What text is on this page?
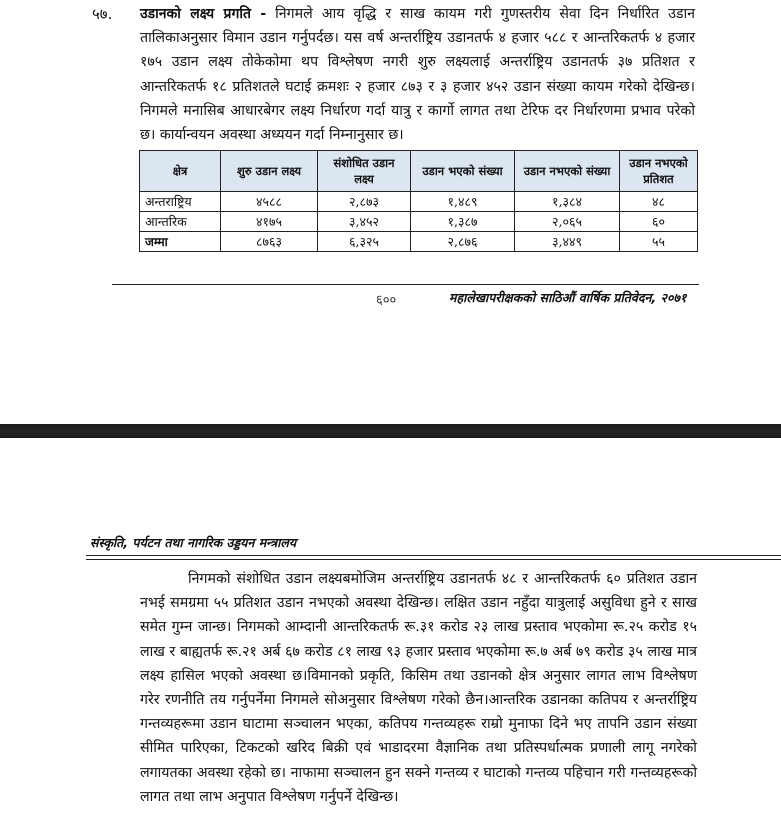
५७. उडानको लक्ष्य प्रगति - निगमले आय वृद्धि र साख कायम गरी गुणस्तरीय सेवा दिन निर्धारित उडान तालिकाअनुसार विमान उडान गर्नुपर्दछ। यस वर्ष अन्तर्राष्ट्रिय उडानतर्फ ४ हजार ५८८ र आन्तरिकतर्फ ४ हजार १७५ उडान लक्ष्य तोकेकोमा थप विश्लेषण नगरी शुरु लक्ष्यलाई अन्तर्राष्ट्रिय उडानतर्फ ३७ प्रतिशत र आन्तरिकतर्फ १८ प्रतिशतले घटाई क्रमशः २ हजार ८७३ र ३ हजार ४५२ उडान संख्या कायम गरेको देखिन्छ। निगमले मनासिब आधारबेगर लक्ष्य निर्धारण गर्दा यात्रु र कार्गो लागत तथा टेरिफ दर निर्धारणमा प्रभाव परेको छ। कार्यान्वयन अवस्था अध्ययन गर्दा निम्नानुसार छ।

क्षेत्र	शुरु उडान लक्ष्य	संशोधित उडान लक्ष्य	उडान भएको संख्या	उडान नभएको संख्या	उडान नभएको प्रतिशत
अन्तराष्ट्रिय	४५८८	२,८७३	१,४८९	१,३८४	४८
आन्तरिक	४१७५	३,४५२	१,३८७	२,०६५	६०
जम्मा	८७६३	६,३२५	२,८७६	३,४४९	५५
६००	महालेखापरीक्षकको साठिऔं वार्षिक प्रतिवेदन, २०७१
संस्कृति, पर्यटन तथा नागरिक उड्डयन मन्त्रालय

निगमको संशोधित उडान लक्ष्यबमोजिम अन्तर्राष्ट्रिय उडानतर्फ ४८ र आन्तरिकतर्फ ६० प्रतिशत उडान नभई समग्रमा ५५ प्रतिशत उडान नभएको अवस्था देखिन्छ। लक्षित उडान नहुँदा यात्रुलाई असुविधा हुने र साख समेत गुम्न जान्छ। निगमको आम्दानी आन्तरिकतर्फ रू.३१ करोड २३ लाख प्रस्ताव भएकोमा रू.२५ करोड १५ लाख र बाह्यतर्फ रू.२१ अर्ब ६७ करोड ८१ लाख ९३ हजार प्रस्ताव भएकोमा रू.७ अर्ब ७९ करोड ३५ लाख मात्र लक्ष्य हासिल भएको अवस्था छ।विमानको प्रकृति, किसिम तथा उडानको क्षेत्र अनुसार लागत लाभ विश्लेषण गरेर रणनीति तय गर्नुपर्नेमा निगमले सोअनुसार विश्लेषण गरेको छैन।आन्तरिक उडानका कतिपय र अन्तर्राष्ट्रिय गन्तव्यहरूमा उडान घाटामा सञ्चालन भएका, कतिपय गन्तव्यहरू राम्रो मुनाफा दिने भए तापनि उडान संख्या सीमित पारिएका, टिकटको खरिद बिक्री एवं भाडादरमा वैज्ञानिक तथा प्रतिस्पर्धात्मक प्रणाली लागू नगरेको लगायतका अवस्था रहेको छ। नाफामा सञ्चालन हुन सक्ने गन्तव्य र घाटाको गन्तव्य पहिचान गरी गन्तव्यहरूको लागत तथा लाभ अनुपात विश्लेषण गर्नुपर्ने देखिन्छ।
